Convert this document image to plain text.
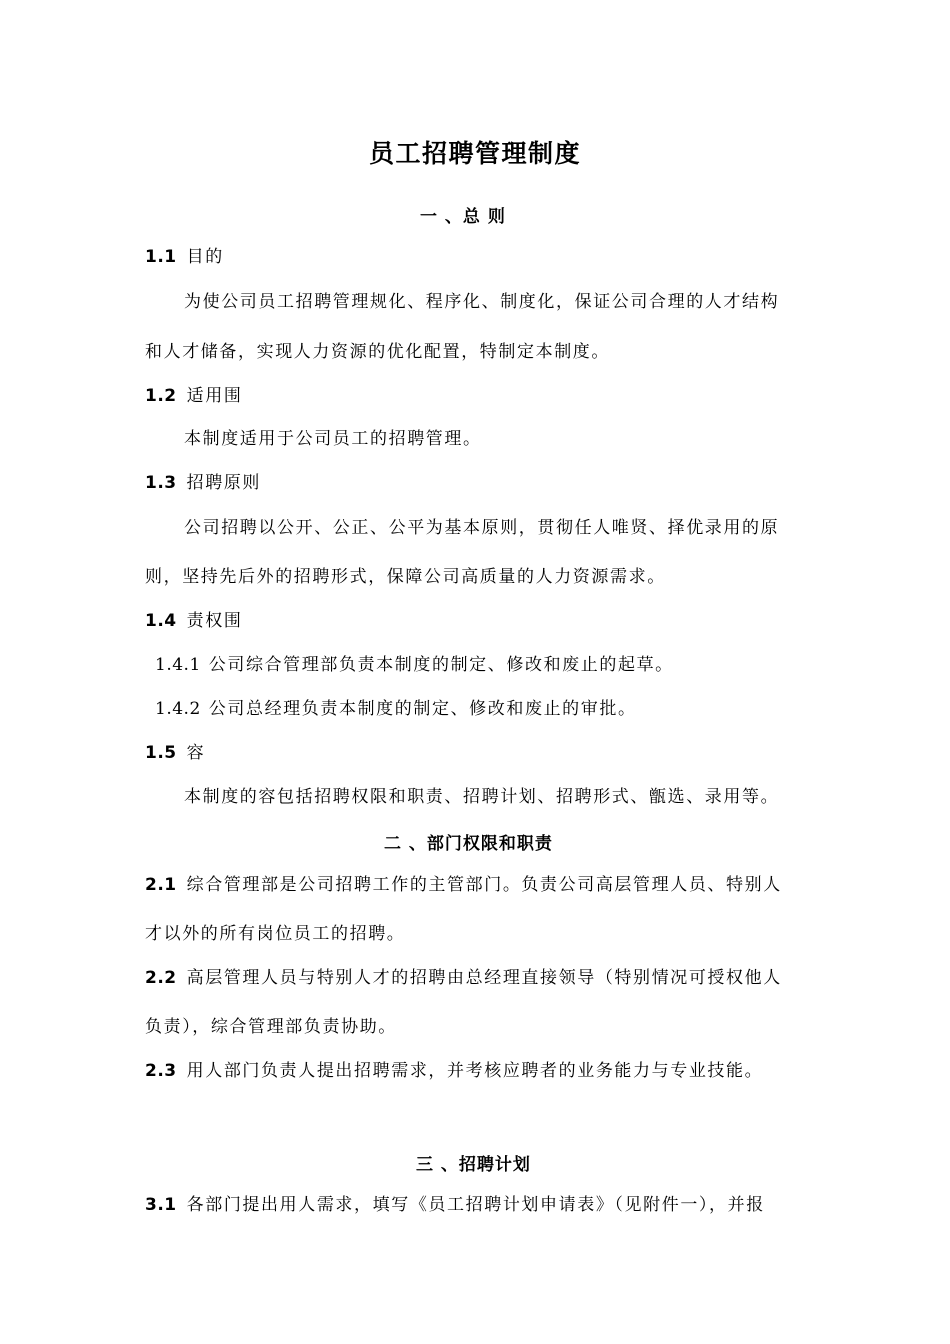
员工招聘管理制度
一 、总 则
1.1 目的
为使公司员工招聘管理规化、程序化、制度化，保证公司合理的人才结构
和人才储备，实现人力资源的优化配置，特制定本制度。
1.2 适用围
本制度适用于公司员工的招聘管理。
1.3 招聘原则
公司招聘以公开、公正、公平为基本原则，贯彻任人唯贤、择优录用的原
则，坚持先后外的招聘形式，保障公司高质量的人力资源需求。
1.4 责权围
1.4.1 公司综合管理部负责本制度的制定、修改和废止的起草。
1.4.2 公司总经理负责本制度的制定、修改和废止的审批。
1.5 容
本制度的容包括招聘权限和职责、招聘计划、招聘形式、甑选、录用等。
二 、部门权限和职责
2.1 综合管理部是公司招聘工作的主管部门。负责公司高层管理人员、特别人
才以外的所有岗位员工的招聘。
2.2 高层管理人员与特别人才的招聘由总经理直接领导（特别情况可授权他人
负责），综合管理部负责协助。
2.3 用人部门负责人提出招聘需求，并考核应聘者的业务能力与专业技能。
三 、招聘计划
3.1 各部门提出用人需求，填写《员工招聘计划申请表》（见附件一），并报
